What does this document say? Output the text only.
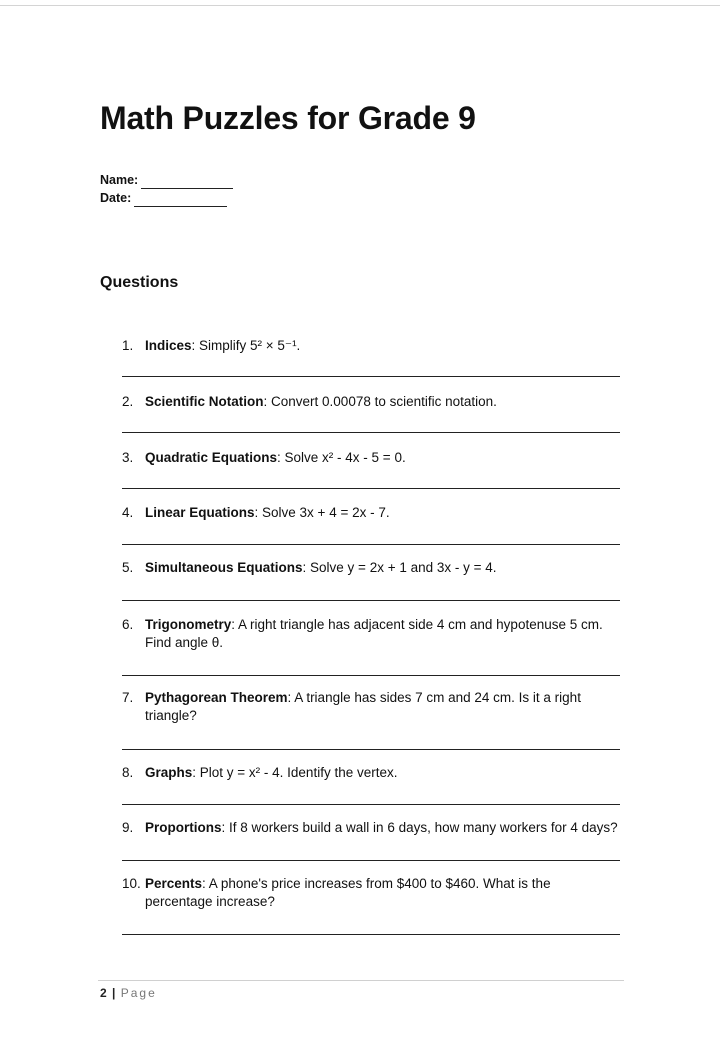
Math Puzzles for Grade 9
Name:
Date:
Questions
1. Indices: Simplify 5² × 5⁻¹.
2. Scientific Notation: Convert 0.00078 to scientific notation.
3. Quadratic Equations: Solve x² - 4x - 5 = 0.
4. Linear Equations: Solve 3x + 4 = 2x - 7.
5. Simultaneous Equations: Solve y = 2x + 1 and 3x - y = 4.
6. Trigonometry: A right triangle has adjacent side 4 cm and hypotenuse 5 cm.
Find angle θ.
7. Pythagorean Theorem: A triangle has sides 7 cm and 24 cm. Is it a right
triangle?
8. Graphs: Plot y = x² - 4. Identify the vertex.
9. Proportions: If 8 workers build a wall in 6 days, how many workers for 4 days?
10. Percents: A phone's price increases from $400 to $460. What is the
percentage increase?
2 | Page
